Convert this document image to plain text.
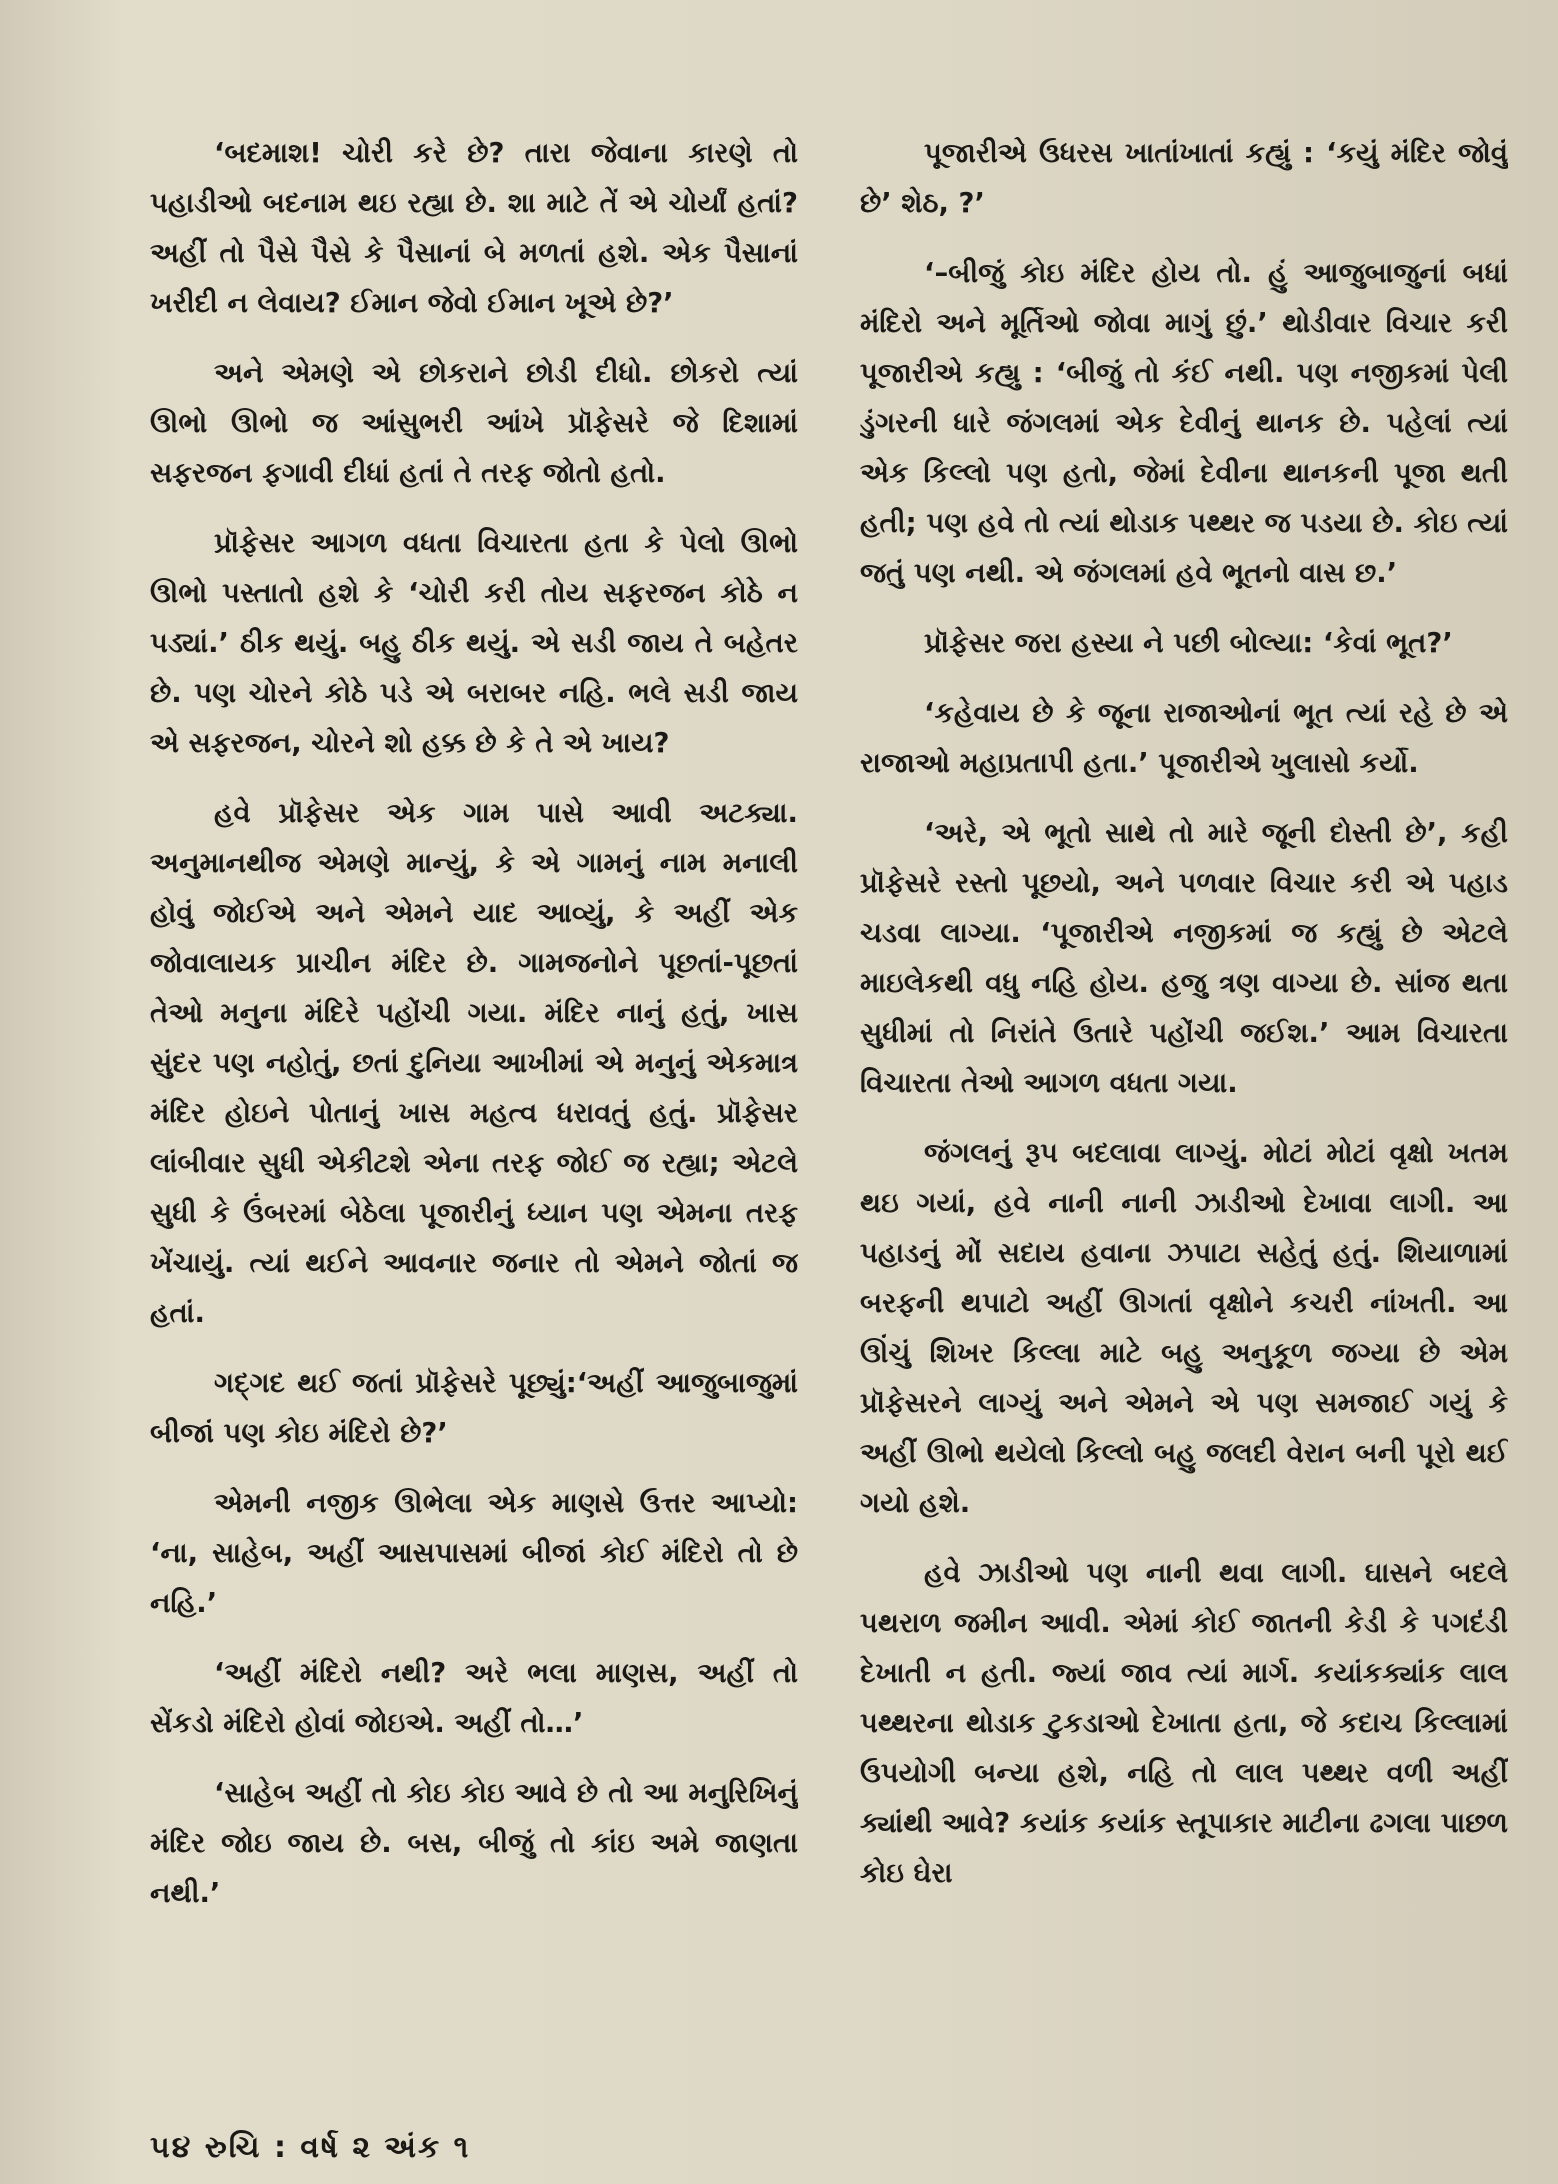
‘બદમાશ! ચોરી કરે છે? તારા જેવાના કારણે તો પહાડીઓ બદનામ થઇ રહ્યા છે. શા માટે તેં એ ચોર્યાં હતાં? અહીં તો પૈસે પૈસે કે પૈસાનાં બે મળતાં હશે. એક પૈસાનાં ખરીદી ન લેવાય? ઈમાન જેવો ઈમાન ખૂએ છે?’

અને એમણે એ છોકરાને છોડી દીધો. છોકરો ત્યાં ઊભો ઊભો જ આંસુભરી આંખે પ્રૉફેસરે જે દિશામાં સફરજન ફગાવી દીધાં હતાં તે તરફ જોતો હતો.

પ્રૉફેસર આગળ વધતા વિચારતા હતા કે પેલો ઊભો ઊભો પસ્તાતો હશે કે ‘ચોરી કરી તોય સફરજન કોઠે ન પડ્યાં.’ ઠીક થયું. બહુ ઠીક થયું. એ સડી જાય તે બહેતર છે. પણ ચોરને કોઠે પડે એ બરાબર નહિ. ભલે સડી જાય એ સફરજન, ચોરને શો હક્ક છે કે તે એ ખાય?

હવે પ્રૉફેસર એક ગામ પાસે આવી અટક્યા. અનુમાનથીજ એમણે માન્યું, કે એ ગામનું નામ મનાલી હોવું જોઈએ અને એમને યાદ આવ્યું, કે અહીં એક જોવાલાયક પ્રાચીન મંદિર છે. ગામજનોને પૂછતાં-પૂછતાં તેઓ મનુના મંદિરે પહોંચી ગયા. મંદિર નાનું હતું, ખાસ સુંદર પણ નહોતું, છતાં દુનિયા આખીમાં એ મનુનું એકમાત્ર મંદિર હોઇને પોતાનું ખાસ મહત્વ ધરાવતું હતું. પ્રૉફેસર લાંબીવાર સુધી એકીટશે એના તરફ જોઈ જ રહ્યા; એટલે સુધી કે ઉંબરમાં બેઠેલા પૂજારીનું ધ્યાન પણ એમના તરફ ખેંચાયું. ત્યાં થઈને આવનાર જનાર તો એમને જોતાં જ હતાં.

ગદ્‌ગદ થઈ જતાં પ્રૉફેસરે પૂછ્યું:‘અહીં આજુબાજુમાં બીજાં પણ કોઇ મંદિરો છે?’

એમની નજીક ઊભેલા એક માણસે ઉત્તર આપ્યો: ‘ના, સાહેબ, અહીં આસપાસમાં બીજાં કોઈ મંદિરો તો છે નહિ.’

‘અહીં મંદિરો નથી? અરે ભલા માણસ, અહીં તો સેંકડો મંદિરો હોવાં જોઇએ. અહીં તો…’

‘સાહેબ અહીં તો કોઇ કોઇ આવે છે તો આ મનુરિખિનું મંદિર જોઇ જાય છે. બસ, બીજું તો કાંઇ અમે જાણતા નથી.’

પૂજારીએ ઉધરસ ખાતાંખાતાં કહ્યું : ‘કયું મંદિર જોવું છે’ શેઠ, ?’

‘–બીજું કોઇ મંદિર હોય તો. હું આજુબાજુનાં બધાં મંદિરો અને મૂર્તિઓ જોવા માગું છું.’ થોડીવાર વિચાર કરી પૂજારીએ કહ્યુ : ‘બીજું તો કંઈ નથી. પણ નજીકમાં પેલી ડુંગરની ધારે જંગલમાં એક દેવીનું થાનક છે. પહેલાં ત્યાં એક કિલ્લો પણ હતો, જેમાં દેવીના થાનકની પૂજા થતી હતી; પણ હવે તો ત્યાં થોડાક પથ્થર જ પડયા છે. કોઇ ત્યાં જતું પણ નથી. એ જંગલમાં હવે ભૂતનો વાસ છ.’

પ્રૉફેસર જરા હસ્યા ને પછી બોલ્યા: ‘કેવાં ભૂત?’

‘કહેવાય છે કે જૂના રાજાઓનાં ભૂત ત્યાં રહે છે એ રાજાઓ મહાપ્રતાપી હતા.’ પૂજારીએ ખુલાસો કર્યો.

‘અરે, એ ભૂતો સાથે તો મારે જૂની દોસ્તી છે’, કહી પ્રૉફેસરે રસ્તો પૂછયો, અને પળવાર વિચાર કરી એ પહાડ ચડવા લાગ્યા. ‘પૂજારીએ નજીકમાં જ કહ્યું છે એટલે માઇલેકથી વધુ નહિ હોય. હજુ ત્રણ વાગ્યા છે. સાંજ થતા સુધીમાં તો નિરાંતે ઉતારે પહોંચી જઈશ.’ આમ વિચારતા વિચારતા તેઓ આગળ વધતા ગયા.

જંગલનું રૂપ બદલાવા લાગ્યું. મોટાં મોટાં વૃક્ષો ખતમ થઇ ગયાં, હવે નાની નાની ઝાડીઓ દેખાવા લાગી. આ પહાડનું મોં સદાય હવાના ઝપાટા સહેતું હતું. શિયાળામાં બરફની થપાટો અહીં ઊગતાં વૃક્ષોને કચરી નાંખતી. આ ઊંચું શિખર કિલ્લા માટે બહુ અનુકૂળ જગ્યા છે એમ પ્રૉફેસરને લાગ્યું અને એમને એ પણ સમજાઈ ગયું કે અહીં ઊભો થયેલો કિલ્લો બહુ જલદી વેરાન બની પૂરો થઈ ગયો હશે.

હવે ઝાડીઓ પણ નાની થવા લાગી. ઘાસને બદલે પથરાળ જમીન આવી. એમાં કોઈ જાતની કેડી કે પગદંડી દેખાતી ન હતી. જ્યાં જાવ ત્યાં માર્ગ. કયાંકક્યાંક લાલ પથ્થરના થોડાક ટુકડાઓ દેખાતા હતા, જે કદાચ કિલ્લામાં ઉપયોગી બન્યા હશે, નહિ તો લાલ પથ્થર વળી અહીં ક્યાંથી આવે? કયાંક કયાંક સ્તૂપાકાર માટીના ઢગલા પાછળ કોઇ ઘેરા

૫૪ રુચિ : વર્ષ ૨ અંક ૧
